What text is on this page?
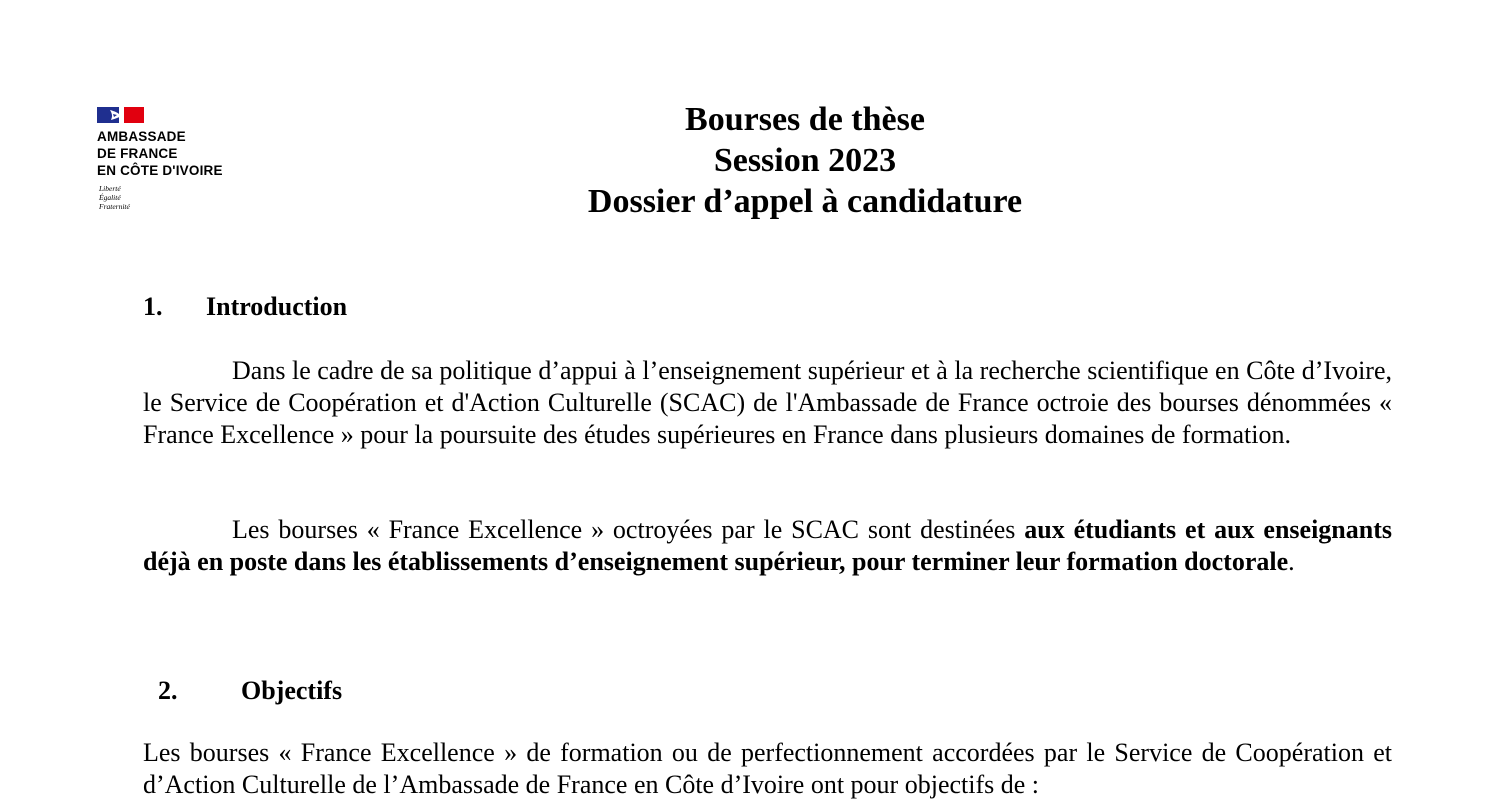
AMBASSADE
DE FRANCE
EN CÔTE D'IVOIRE
Liberté
Égalité
Fraternité
Bourses de thèse
Session 2023
Dossier d’appel à candidature
1. Introduction
Dans le cadre de sa politique d’appui à l’enseignement supérieur et à la recherche scientifique en Côte d’Ivoire, le Service de Coopération et d'Action Culturelle (SCAC) de l'Ambassade de France octroie des bourses dénommées « France Excellence » pour la poursuite des études supérieures en France dans plusieurs domaines de formation.
Les bourses « France Excellence » octroyées par le SCAC sont destinées aux étudiants et aux enseignants déjà en poste dans les établissements d’enseignement supérieur, pour terminer leur formation doctorale.
2. Objectifs
Les bourses « France Excellence » de formation ou de perfectionnement accordées par le Service de Coopération et d’Action Culturelle de l’Ambassade de France en Côte d’Ivoire ont pour objectifs de :
